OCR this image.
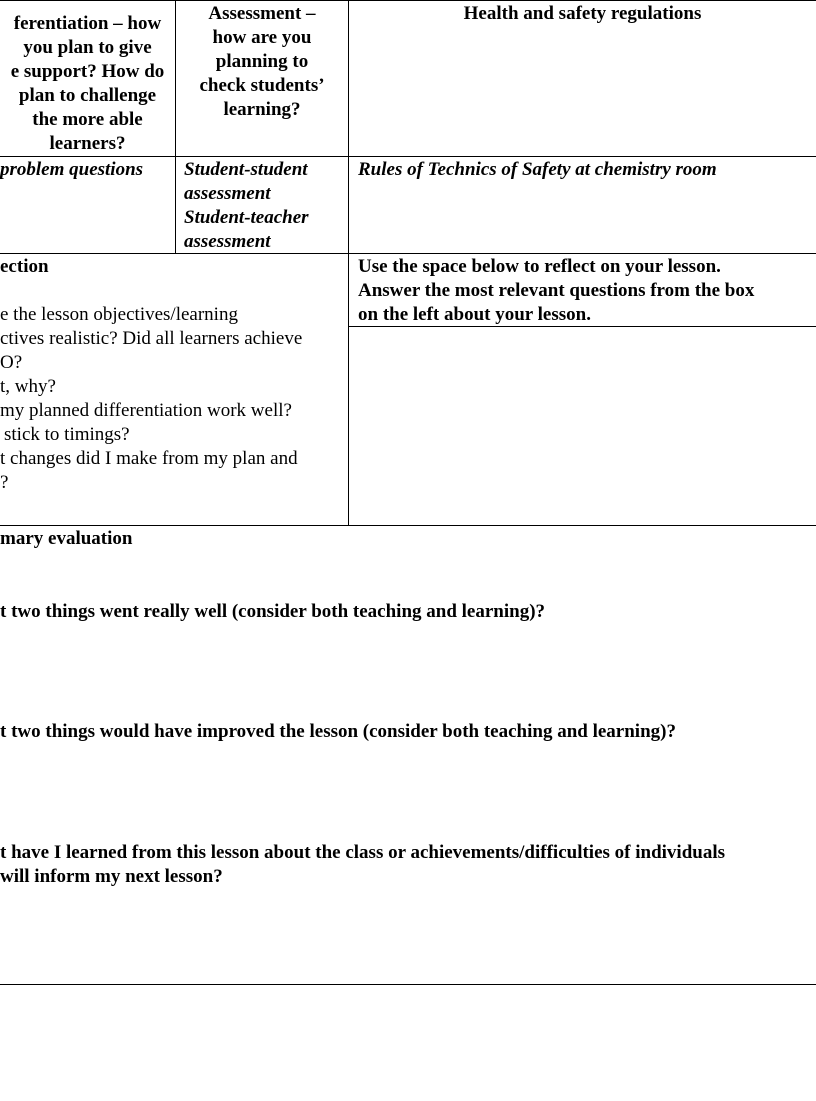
ferentiation – how
you plan to give
e support? How do
plan to challenge
the more able
learners?
Assessment –
how are you
planning to
check students’
learning?
Health and safety regulations
problem questions	Student-student
assessment
Student-teacher
assessment
Rules of Technics of Safety at chemistry room
ection
e the lesson objectives/learning
ctives realistic? Did all learners achieve
O?
t, why?
my planned differentiation work well?
stick to timings?
t changes did I make from my plan and
?
Use the space below to reflect on your lesson.
Answer the most relevant questions from the box
on the left about your lesson.
mary evaluation
t two things went really well (consider both teaching and learning)?
t two things would have improved the lesson (consider both teaching and learning)?
t have I learned from this lesson about the class or achievements/difficulties of individuals
will inform my next lesson?
